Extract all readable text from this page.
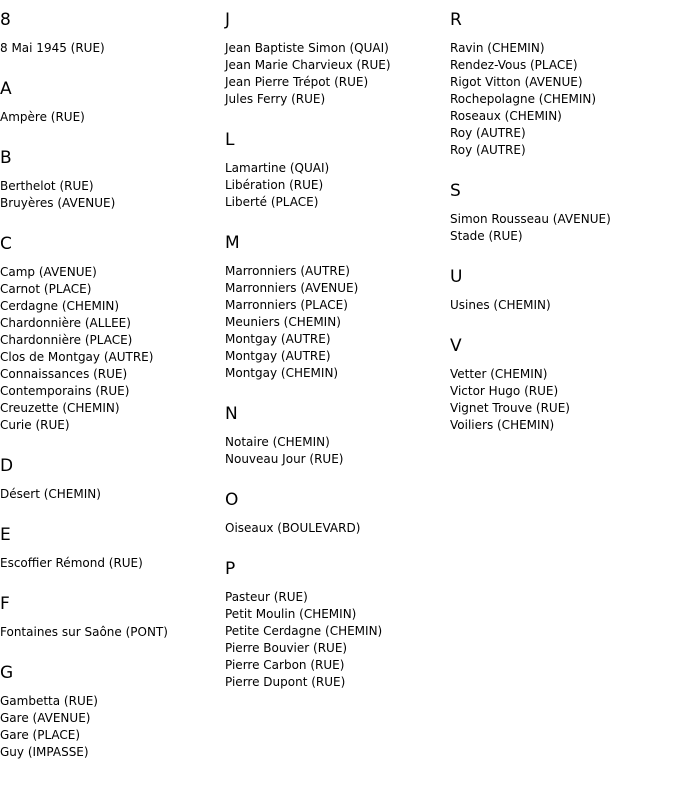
8
8 Mai 1945 (RUE)
A
Ampère (RUE)
B
Berthelot (RUE)
Bruyères (AVENUE)
C
Camp (AVENUE)
Carnot (PLACE)
Cerdagne (CHEMIN)
Chardonnière (ALLEE)
Chardonnière (PLACE)
Clos de Montgay (AUTRE)
Connaissances (RUE)
Contemporains (RUE)
Creuzette (CHEMIN)
Curie (RUE)
D
Désert (CHEMIN)
E
Escoffier Rémond (RUE)
F
Fontaines sur Saône (PONT)
G
Gambetta (RUE)
Gare (AVENUE)
Gare (PLACE)
Guy (IMPASSE)
J
Jean Baptiste Simon (QUAI)
Jean Marie Charvieux (RUE)
Jean Pierre Trépot (RUE)
Jules Ferry (RUE)
L
Lamartine (QUAI)
Libération (RUE)
Liberté (PLACE)
M
Marronniers (AUTRE)
Marronniers (AVENUE)
Marronniers (PLACE)
Meuniers (CHEMIN)
Montgay (AUTRE)
Montgay (AUTRE)
Montgay (CHEMIN)
N
Notaire (CHEMIN)
Nouveau Jour (RUE)
O
Oiseaux (BOULEVARD)
P
Pasteur (RUE)
Petit Moulin (CHEMIN)
Petite Cerdagne (CHEMIN)
Pierre Bouvier (RUE)
Pierre Carbon (RUE)
Pierre Dupont (RUE)
R
Ravin (CHEMIN)
Rendez-Vous (PLACE)
Rigot Vitton (AVENUE)
Rochepolagne (CHEMIN)
Roseaux (CHEMIN)
Roy (AUTRE)
Roy (AUTRE)
S
Simon Rousseau (AVENUE)
Stade (RUE)
U
Usines (CHEMIN)
V
Vetter (CHEMIN)
Victor Hugo (RUE)
Vignet Trouve (RUE)
Voiliers (CHEMIN)
